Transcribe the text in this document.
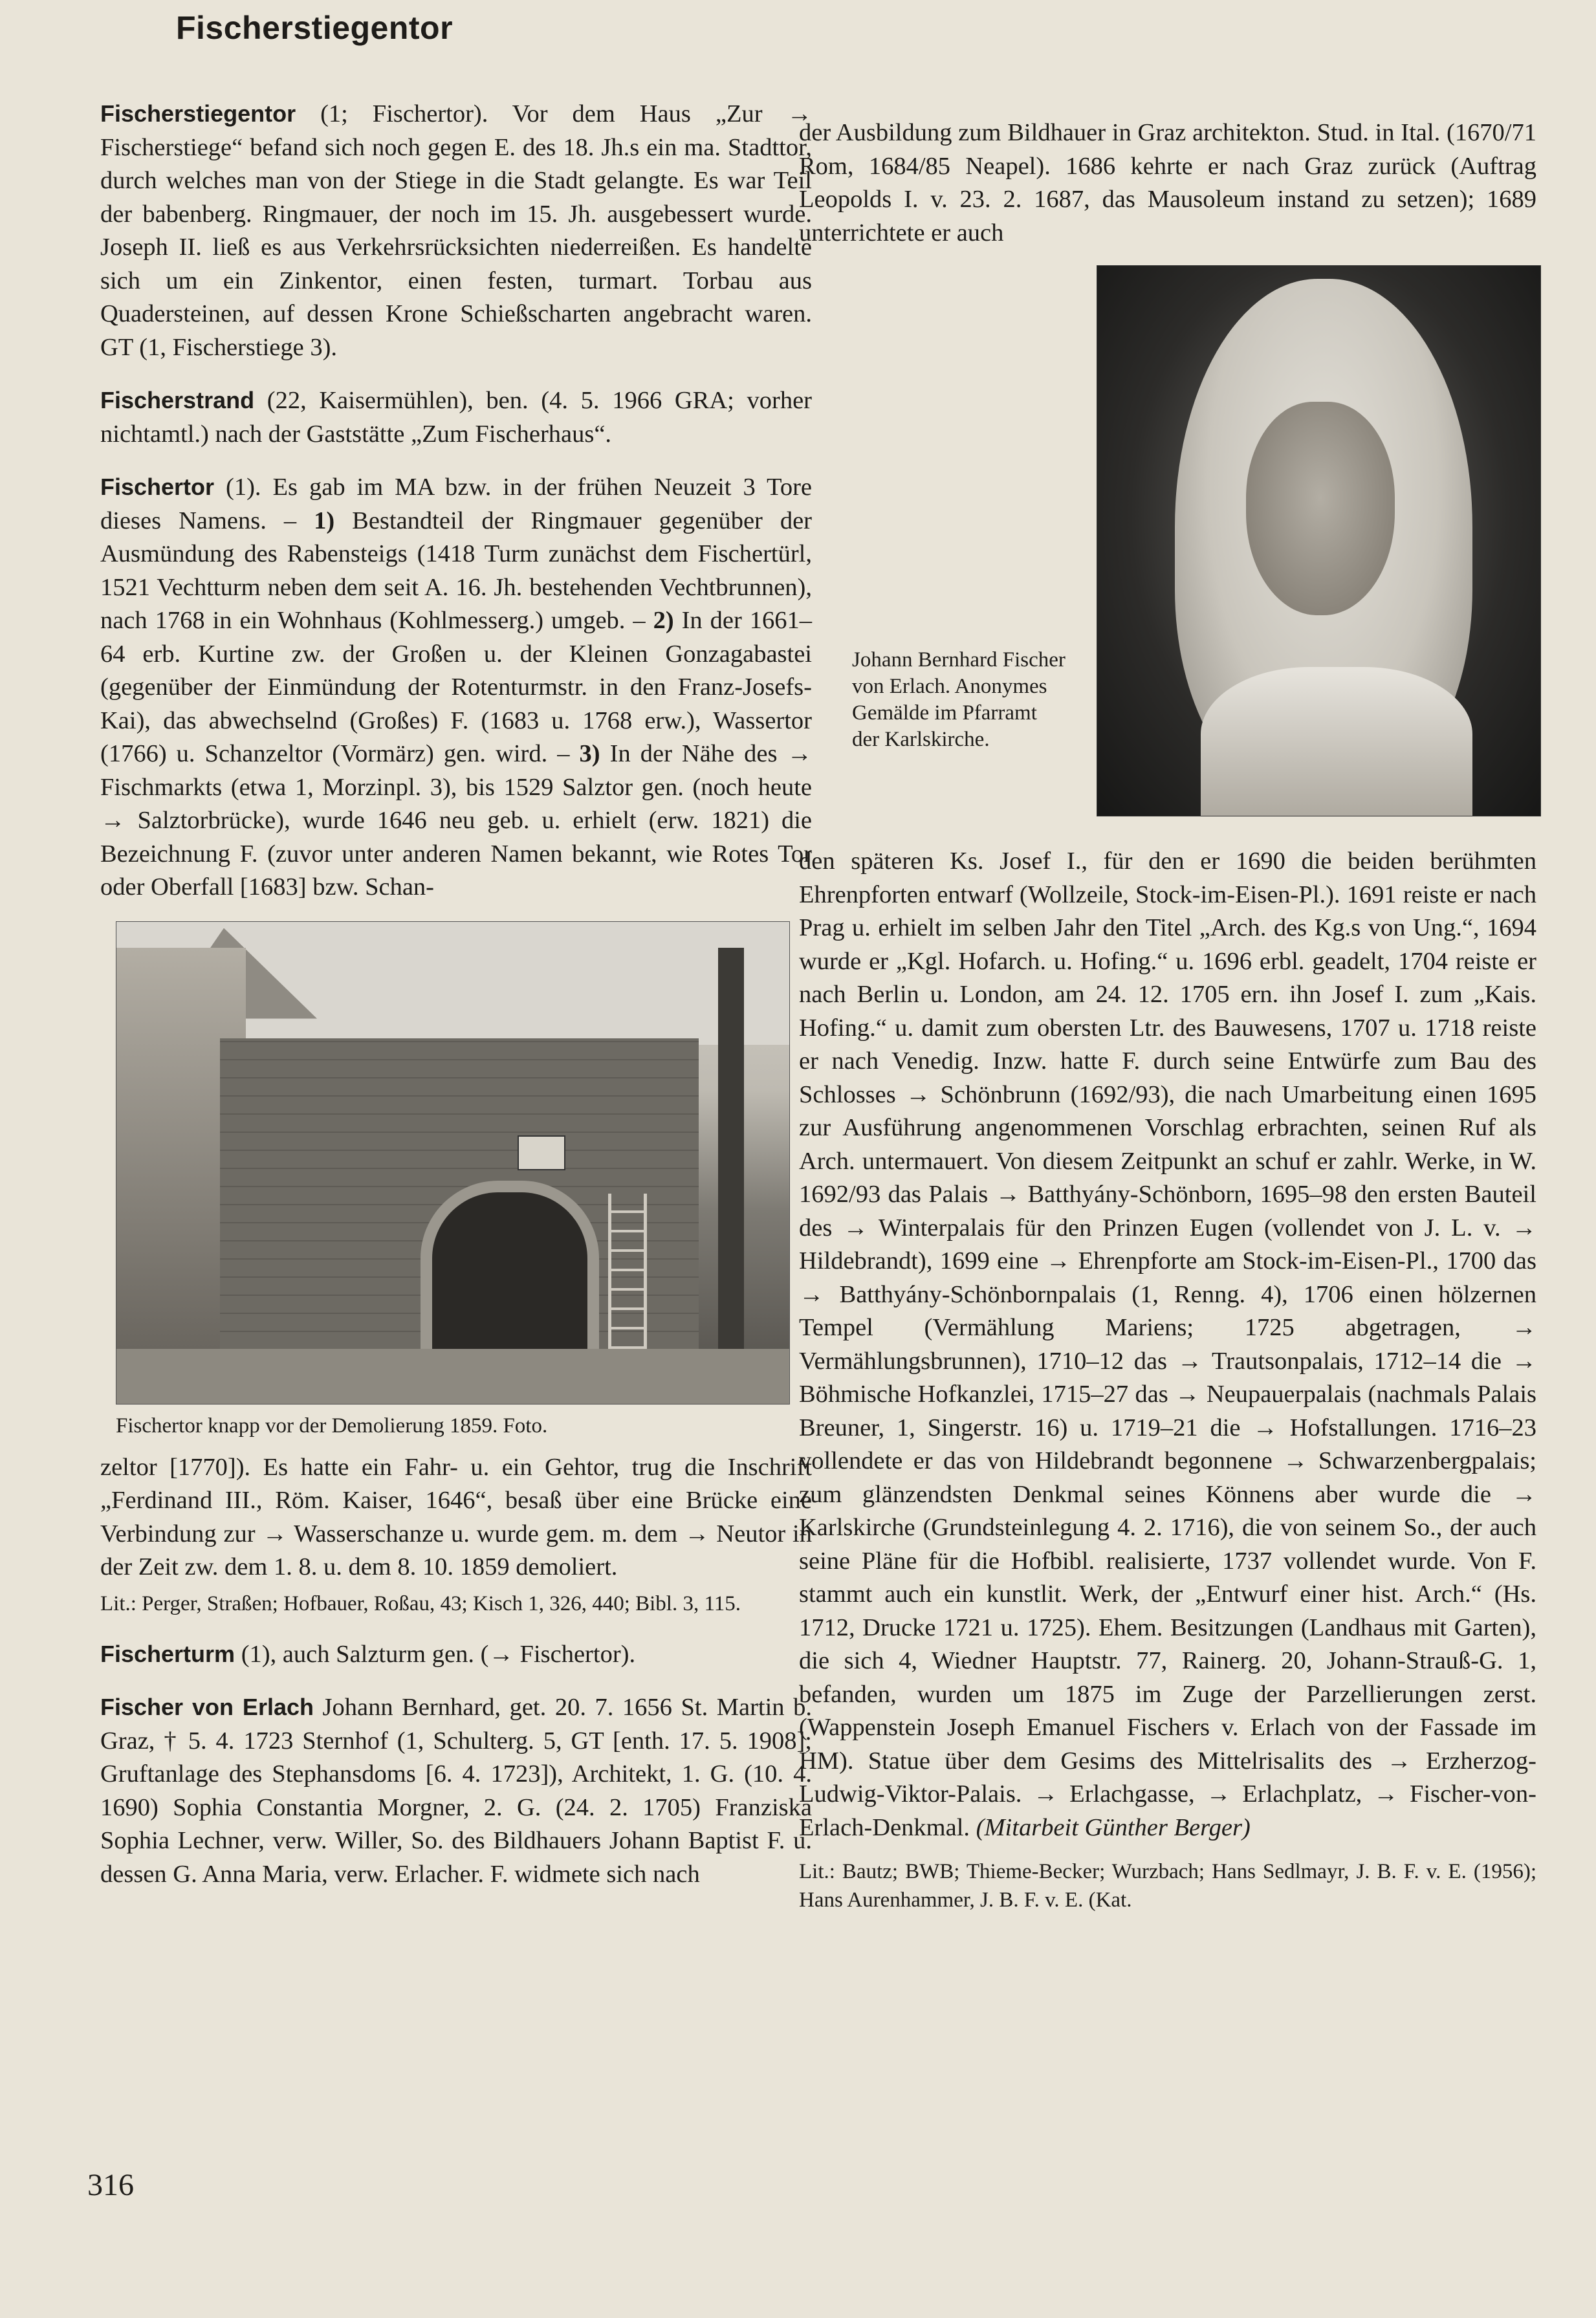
Fischerstiegentor

Fischerstiegentor (1; Fischertor). Vor dem Haus „Zur → Fischerstiege“ befand sich noch gegen E. des 18. Jh.s ein ma. Stadttor, durch welches man von der Stiege in die Stadt gelangte. Es war Teil der babenberg. Ringmauer, der noch im 15. Jh. ausgebessert wurde. Joseph II. ließ es aus Verkehrsrücksichten niederreißen. Es handelte sich um ein Zinkentor, einen festen, turmart. Torbau aus Quadersteinen, auf dessen Krone Schießscharten angebracht waren. GT (1, Fischerstiege 3).

Fischerstrand (22, Kaisermühlen), ben. (4. 5. 1966 GRA; vorher nichtamtl.) nach der Gaststätte „Zum Fischerhaus“.

Fischertor (1). Es gab im MA bzw. in der frühen Neuzeit 3 Tore dieses Namens. – 1) Bestandteil der Ringmauer gegenüber der Ausmündung des Rabensteigs (1418 Turm zunächst dem Fischertürl, 1521 Vechtturm neben dem seit A. 16. Jh. bestehenden Vechtbrunnen), nach 1768 in ein Wohnhaus (Kohlmesserg.) umgeb. – 2) In der 1661–64 erb. Kurtine zw. der Großen u. der Kleinen Gonzagabastei (gegenüber der Einmündung der Rotenturmstr. in den Franz-Josefs-Kai), das abwechselnd (Großes) F. (1683 u. 1768 erw.), Wassertor (1766) u. Schanzeltor (Vormärz) gen. wird. – 3) In der Nähe des → Fischmarkts (etwa 1, Morzinpl. 3), bis 1529 Salztor gen. (noch heute → Salztorbrücke), wurde 1646 neu geb. u. erhielt (erw. 1821) die Bezeichnung F. (zuvor unter anderen Namen bekannt, wie Rotes Tor oder Oberfall [1683] bzw. Schan-

Fischertor knapp vor der Demolierung 1859. Foto.

zeltor [1770]). Es hatte ein Fahr- u. ein Gehtor, trug die Inschrift „Ferdinand III., Röm. Kaiser, 1646“, besaß über eine Brücke eine Verbindung zur → Wasserschanze u. wurde gem. m. dem → Neutor in der Zeit zw. dem 1. 8. u. dem 8. 10. 1859 demoliert.

Lit.: Perger, Straßen; Hofbauer, Roßau, 43; Kisch 1, 326, 440; Bibl. 3, 115.

Fischerturm (1), auch Salzturm gen. (→ Fischertor).

Fischer von Erlach Johann Bernhard, get. 20. 7. 1656 St. Martin b. Graz, † 5. 4. 1723 Sternhof (1, Schulterg. 5, GT [enth. 17. 5. 1908]; Gruftanlage des Stephansdoms [6. 4. 1723]), Architekt, 1. G. (10. 4. 1690) Sophia Constantia Morgner, 2. G. (24. 2. 1705) Franziska Sophia Lechner, verw. Willer, So. des Bildhauers Johann Baptist F. u. dessen G. Anna Maria, verw. Erlacher. F. widmete sich nach

der Ausbildung zum Bildhauer in Graz architekton. Stud. in Ital. (1670/71 Rom, 1684/85 Neapel). 1686 kehrte er nach Graz zurück (Auftrag Leopolds I. v. 23. 2. 1687, das Mausoleum instand zu setzen); 1689 unterrichtete er auch

Johann Bernhard Fischer von Erlach. Anonymes Gemälde im Pfarramt der Karlskirche.

den späteren Ks. Josef I., für den er 1690 die beiden berühmten Ehrenpforten entwarf (Wollzeile, Stock-im-Eisen-Pl.). 1691 reiste er nach Prag u. erhielt im selben Jahr den Titel „Arch. des Kg.s von Ung.“, 1694 wurde er „Kgl. Hofarch. u. Hofing.“ u. 1696 erbl. geadelt, 1704 reiste er nach Berlin u. London, am 24. 12. 1705 ern. ihn Josef I. zum „Kais. Hofing.“ u. damit zum obersten Ltr. des Bauwesens, 1707 u. 1718 reiste er nach Venedig. Inzw. hatte F. durch seine Entwürfe zum Bau des Schlosses → Schönbrunn (1692/93), die nach Umarbeitung einen 1695 zur Ausführung angenommenen Vorschlag erbrachten, seinen Ruf als Arch. untermauert. Von diesem Zeitpunkt an schuf er zahlr. Werke, in W. 1692/93 das Palais → Batthyány-Schönborn, 1695–98 den ersten Bauteil des → Winterpalais für den Prinzen Eugen (vollendet von J. L. v. → Hildebrandt), 1699 eine → Ehrenpforte am Stock-im-Eisen-Pl., 1700 das → Batthyány-Schönbornpalais (1, Renng. 4), 1706 einen hölzernen Tempel (Vermählung Mariens; 1725 abgetragen, → Vermählungsbrunnen), 1710–12 das → Trautsonpalais, 1712–14 die → Böhmische Hofkanzlei, 1715–27 das → Neupauerpalais (nachmals Palais Breuner, 1, Singerstr. 16) u. 1719–21 die → Hofstallungen. 1716–23 vollendete er das von Hildebrandt begonnene → Schwarzenbergpalais; zum glänzendsten Denkmal seines Könnens aber wurde die → Karlskirche (Grundsteinlegung 4. 2. 1716), die von seinem So., der auch seine Pläne für die Hofbibl. realisierte, 1737 vollendet wurde. Von F. stammt auch ein kunstlit. Werk, der „Entwurf einer hist. Arch.“ (Hs. 1712, Drucke 1721 u. 1725). Ehem. Besitzungen (Landhaus mit Garten), die sich 4, Wiedner Hauptstr. 77, Rainerg. 20, Johann-Strauß-G. 1, befanden, wurden um 1875 im Zuge der Parzellierungen zerst. (Wappenstein Joseph Emanuel Fischers v. Erlach von der Fassade im HM). Statue über dem Gesims des Mittelrisalits des → Erzherzog-Ludwig-Viktor-Palais. → Erlachgasse, → Erlachplatz, → Fischer-von-Erlach-Denkmal. (Mitarbeit Günther Berger)

Lit.: Bautz; BWB; Thieme-Becker; Wurzbach; Hans Sedlmayr, J. B. F. v. E. (1956); Hans Aurenhammer, J. B. F. v. E. (Kat.

316
